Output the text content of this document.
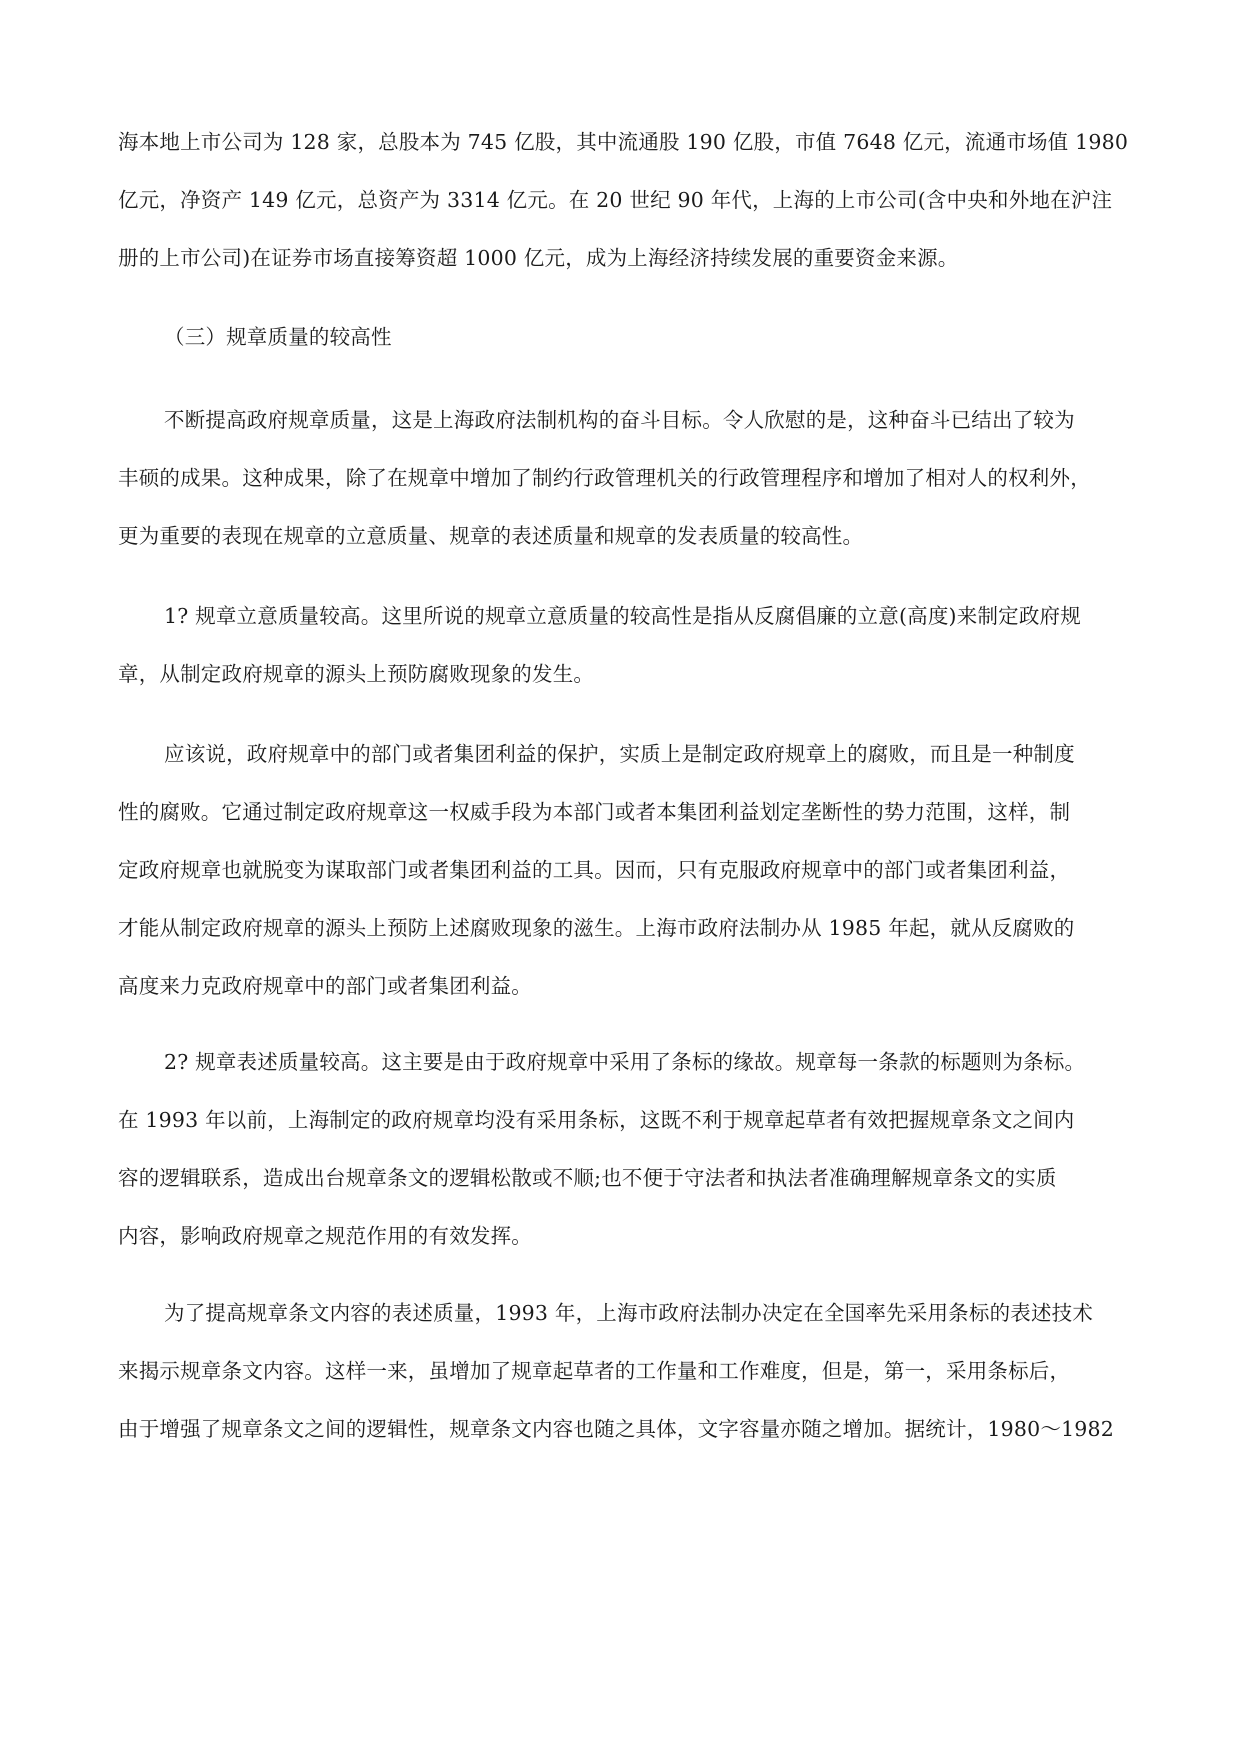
海本地上市公司为 128 家，总股本为 745 亿股，其中流通股 190 亿股，市值 7648 亿元，流通市场值 1980
亿元，净资产 149 亿元，总资产为 3314 亿元。在 20 世纪 90 年代，上海的上市公司(含中央和外地在沪注
册的上市公司)在证券市场直接筹资超 1000 亿元，成为上海经济持续发展的重要资金来源。

（三）规章质量的较高性

不断提高政府规章质量，这是上海政府法制机构的奋斗目标。令人欣慰的是，这种奋斗已结出了较为
丰硕的成果。这种成果，除了在规章中增加了制约行政管理机关的行政管理程序和增加了相对人的权利外，
更为重要的表现在规章的立意质量、规章的表述质量和规章的发表质量的较高性。

1? 规章立意质量较高。这里所说的规章立意质量的较高性是指从反腐倡廉的立意(高度)来制定政府规
章，从制定政府规章的源头上预防腐败现象的发生。

应该说，政府规章中的部门或者集团利益的保护，实质上是制定政府规章上的腐败，而且是一种制度
性的腐败。它通过制定政府规章这一权威手段为本部门或者本集团利益划定垄断性的势力范围，这样，制
定政府规章也就脱变为谋取部门或者集团利益的工具。因而，只有克服政府规章中的部门或者集团利益，
才能从制定政府规章的源头上预防上述腐败现象的滋生。上海市政府法制办从 1985 年起，就从反腐败的
高度来力克政府规章中的部门或者集团利益。

2? 规章表述质量较高。这主要是由于政府规章中采用了条标的缘故。规章每一条款的标题则为条标。
在 1993 年以前，上海制定的政府规章均没有采用条标，这既不利于规章起草者有效把握规章条文之间内
容的逻辑联系，造成出台规章条文的逻辑松散或不顺;也不便于守法者和执法者准确理解规章条文的实质
内容，影响政府规章之规范作用的有效发挥。

为了提高规章条文内容的表述质量，1993 年，上海市政府法制办决定在全国率先采用条标的表述技术
来揭示规章条文内容。这样一来，虽增加了规章起草者的工作量和工作难度，但是，第一，采用条标后，
由于增强了规章条文之间的逻辑性，规章条文内容也随之具体，文字容量亦随之增加。据统计，1980～1982
